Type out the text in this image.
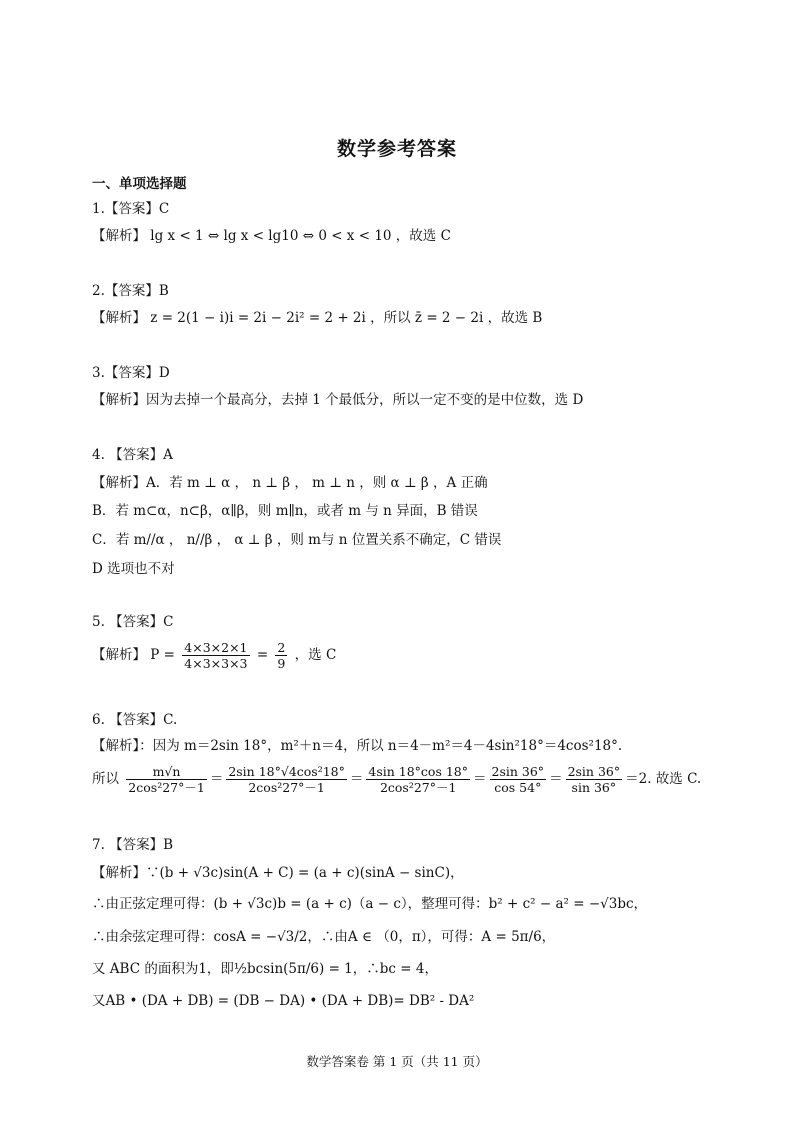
数学参考答案
一、单项选择题
1.【答案】C
【解析】 lg x < 1 ⇔ lg x < lg10 ⇔ 0 < x < 10 ，故选 C
2.【答案】B
【解析】 z = 2(1 − i)i = 2i − 2i² = 2 + 2i ，所以 z̄ = 2 − 2i ，故选 B
3.【答案】D
【解析】因为去掉一个最高分，去掉 1 个最低分，所以一定不变的是中位数，选 D
4. 【答案】A
【解析】A．若 m ⊥ α ， n ⊥ β ， m ⊥ n ，则 α ⊥ β ，A 正确
B．若 m⊂α，n⊂β，α∥β，则 m∥n，或者 m 与 n 异面，B 错误
C．若 m//α ， n//β ， α ⊥ β ，则 m与 n 位置关系不确定，C 错误
D 选项也不对
5. 【答案】C
【解析】 $P = \frac{4\times 3\times 2\times 1}{4\times 3\times 3\times 3} = \frac{2}{9}$ ，选 C
6. 【答案】C.
【解析】：因为 m＝2sin 18°，m²＋n＝4，所以 n＝4－m²＝4－4sin²18°＝4cos²18°.
所以 $\frac{m√n}{\text{2cos²27°－1}} = \frac{\text{2sin 18°√4cos²18°}}{\text{2cos²27°－1}} = \frac{4\sin 18^\circ\cos 18^\circ}{\text{2cos²27°－1}} = \frac{2\sin 36^\circ}{\cos 54^\circ} = \frac{2\sin 36^\circ}{\sin 36^\circ} =2$. 故选 C.
7. 【答案】B
【解析】∵(b + √3c)sin(A + C) = (a + c)(sinA − sinC)，
∴由正弦定理可得：(b + √3c)b = (a + c)（a − c），整理可得：b² + c² − a² = −√3bc，
∴由余弦定理可得：cosA = −√3/2，∴由A ∈ （0，π），可得：A = 5π/6，
又 ABC 的面积为1，即½bcsin(5π/6) = 1，∴bc = 4，
又AB • (DA + DB) = (DB − DA) • (DA + DB)= DB² - DA²
数学答案卷 第 1 页（共 11 页）
